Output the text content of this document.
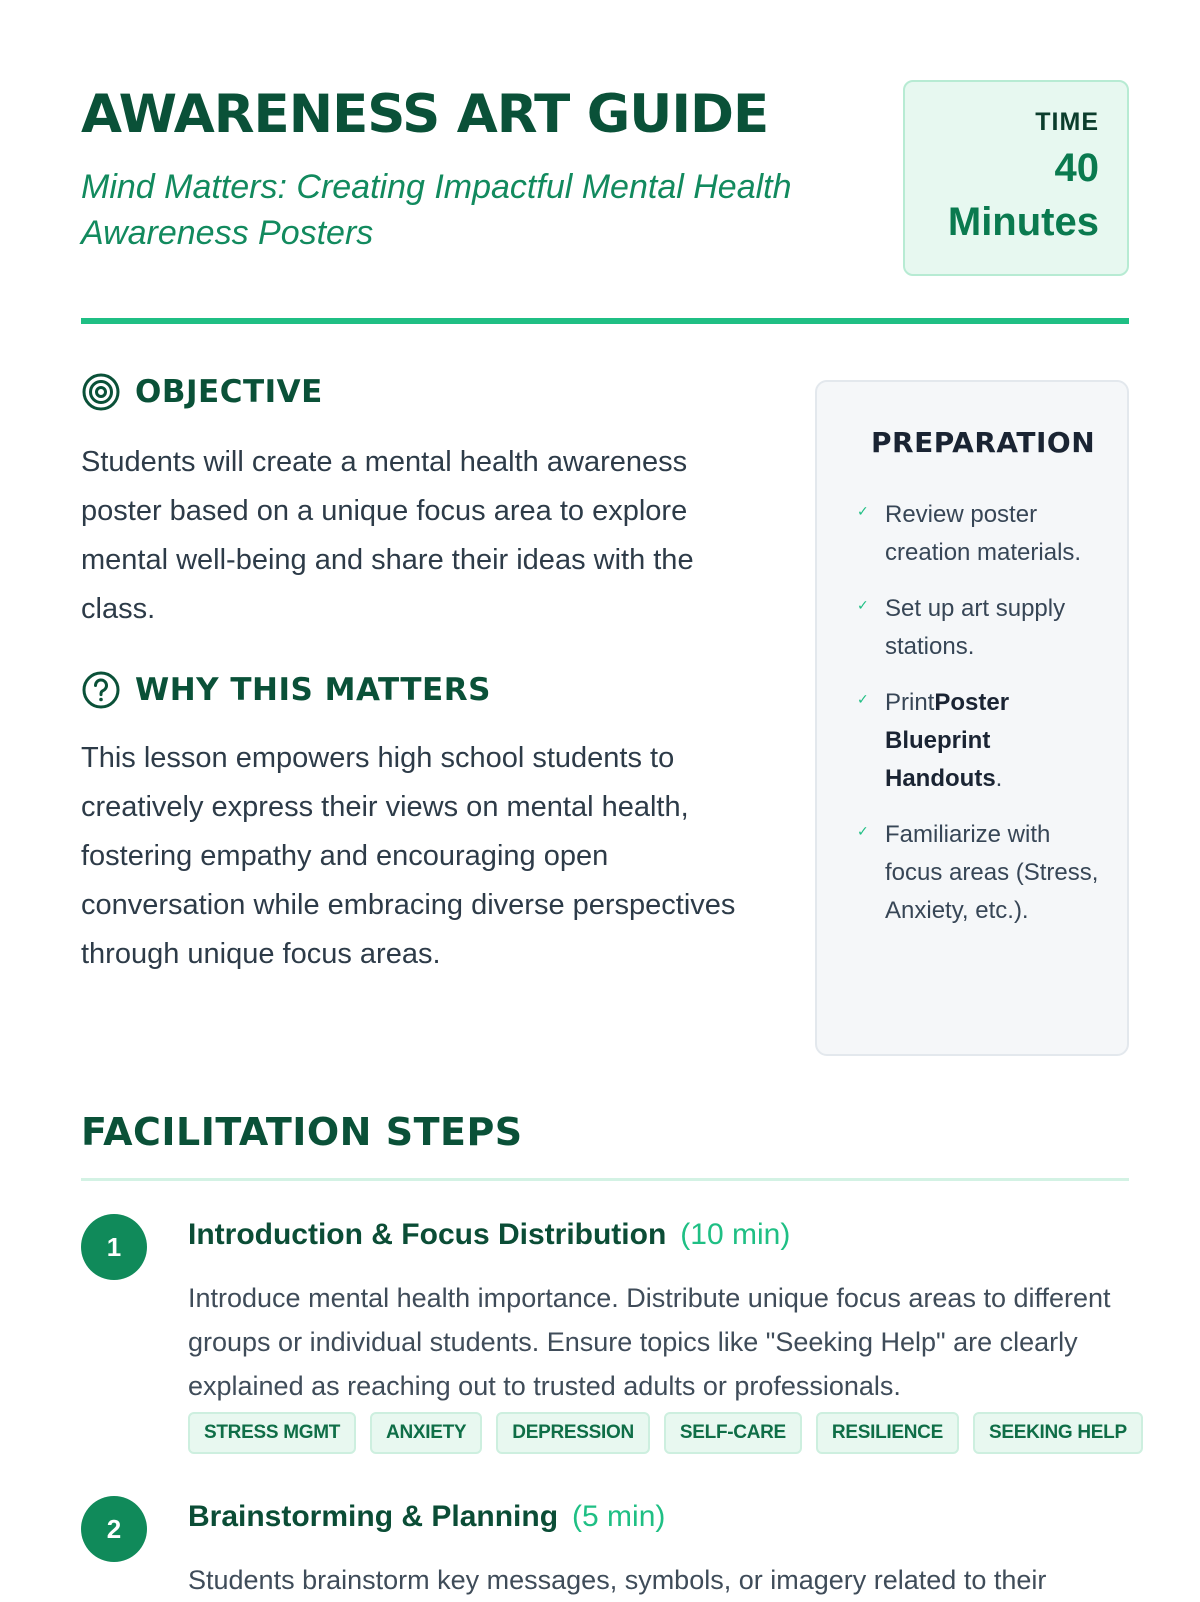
AWARENESS ART GUIDE

Mind Matters: Creating Impactful Mental Health Awareness Posters

TIME
40 Minutes
OBJECTIVE

Students will create a mental health awareness poster based on a unique focus area to explore mental well-being and share their ideas with the class.

WHY THIS MATTERS

This lesson empowers high school students to creatively express their views on mental health, fostering empathy and encouraging open conversation while embracing diverse perspectives through unique focus areas.

PREPARATION
✓ Review poster creation materials.
✓ Set up art supply stations.
✓ PrintPoster Blueprint Handouts.
✓ Familiarize with focus areas (Stress, Anxiety, etc.).
FACILITATION STEPS
1	Introduction & Focus Distribution (10 min)

Introduce mental health importance. Distribute unique focus areas to different groups or individual students. Ensure topics like "Seeking Help" are clearly explained as reaching out to trusted adults or professionals.

STRESS MGMT	ANXIETY	DEPRESSION	SELF-CARE	RESILIENCE	SEEKING HELP
2	Brainstorming & Planning (5 min)

Students brainstorm key messages, symbols, or imagery related to their
